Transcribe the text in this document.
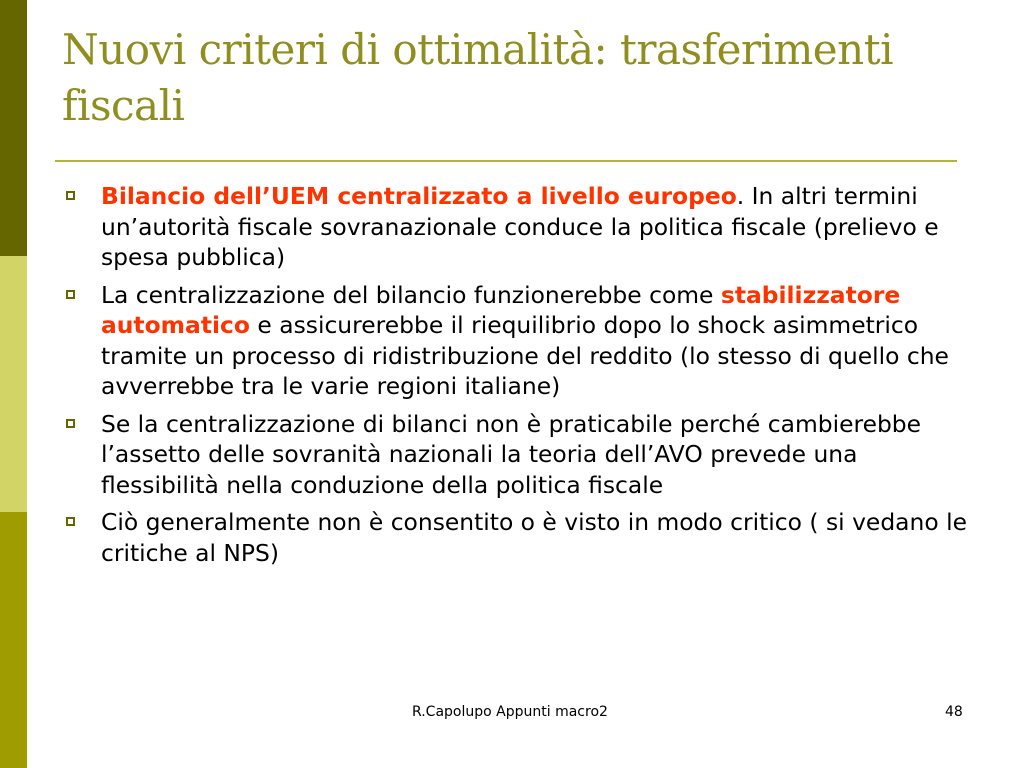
Nuovi criteri di ottimalità: trasferimenti fiscali
Bilancio dell’UEM centralizzato a livello europeo. In altri termini un’autorità fiscale sovranazionale conduce la politica fiscale (prelievo e spesa pubblica)
La centralizzazione del bilancio funzionerebbe come stabilizzatore automatico e assicurerebbe il riequilibrio dopo lo shock asimmetrico tramite un processo di ridistribuzione del reddito (lo stesso di quello che avverrebbe tra le varie regioni italiane)
Se la centralizzazione di bilanci non è praticabile perché cambierebbe l’assetto delle sovranità nazionali la teoria dell’AVO prevede una flessibilità nella conduzione della politica fiscale
Ciò generalmente non è consentito o è visto in modo critico ( si vedano le critiche al NPS)
R.Capolupo Appunti macro2	48
